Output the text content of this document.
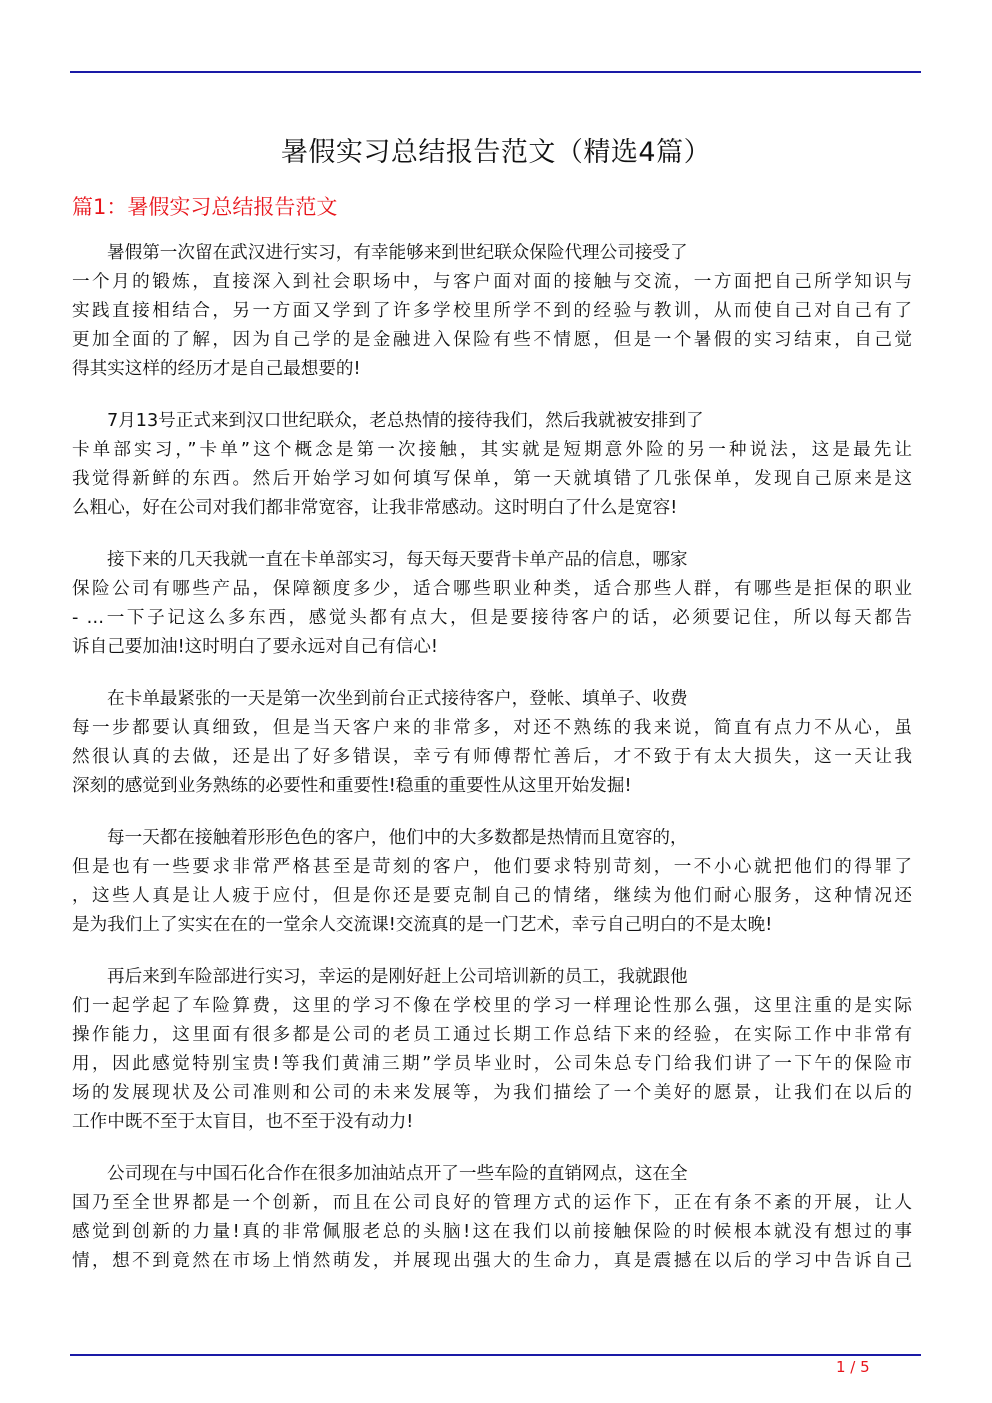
暑假实习总结报告范文（精选4篇）
篇1：暑假实习总结报告范文
暑假第一次留在武汉进行实习，有幸能够来到世纪联众保险代理公司接受了
一个月的锻炼，直接深入到社会职场中，与客户面对面的接触与交流，一方面把自己所学知识与
实践直接相结合，另一方面又学到了许多学校里所学不到的经验与教训，从而使自己对自己有了
更加全面的了解，因为自己学的是金融进入保险有些不情愿，但是一个暑假的实习结束，自己觉
得其实这样的经历才是自己最想要的!
7月13号正式来到汉口世纪联众，老总热情的接待我们，然后我就被安排到了
卡单部实习，”卡单”这个概念是第一次接触，其实就是短期意外险的另一种说法，这是最先让
我觉得新鲜的东西。然后开始学习如何填写保单，第一天就填错了几张保单，发现自己原来是这
么粗心，好在公司对我们都非常宽容，让我非常感动。这时明白了什么是宽容!
接下来的几天我就一直在卡单部实习，每天每天要背卡单产品的信息，哪家
保险公司有哪些产品，保障额度多少，适合哪些职业种类，适合那些人群，有哪些是拒保的职业
- …一下子记这么多东西，感觉头都有点大，但是要接待客户的话，必须要记住，所以每天都告
诉自己要加油!这时明白了要永远对自己有信心!
在卡单最紧张的一天是第一次坐到前台正式接待客户，登帐、填单子、收费
每一步都要认真细致，但是当天客户来的非常多，对还不熟练的我来说，简直有点力不从心，虽
然很认真的去做，还是出了好多错误，幸亏有师傅帮忙善后，才不致于有太大损失，这一天让我
深刻的感觉到业务熟练的必要性和重要性!稳重的重要性从这里开始发掘!
每一天都在接触着形形色色的客户，他们中的大多数都是热情而且宽容的，
但是也有一些要求非常严格甚至是苛刻的客户，他们要求特别苛刻，一不小心就把他们的得罪了
，这些人真是让人疲于应付，但是你还是要克制自己的情绪，继续为他们耐心服务，这种情况还
是为我们上了实实在在的一堂余人交流课!交流真的是一门艺术，幸亏自己明白的不是太晚!
再后来到车险部进行实习，幸运的是刚好赶上公司培训新的员工，我就跟他
们一起学起了车险算费，这里的学习不像在学校里的学习一样理论性那么强，这里注重的是实际
操作能力，这里面有很多都是公司的老员工通过长期工作总结下来的经验，在实际工作中非常有
用，因此感觉特别宝贵!等我们黄浦三期”学员毕业时，公司朱总专门给我们讲了一下午的保险市
场的发展现状及公司准则和公司的未来发展等，为我们描绘了一个美好的愿景，让我们在以后的
工作中既不至于太盲目，也不至于没有动力!
公司现在与中国石化合作在很多加油站点开了一些车险的直销网点，这在全
国乃至全世界都是一个创新，而且在公司良好的管理方式的运作下，正在有条不紊的开展，让人
感觉到创新的力量!真的非常佩服老总的头脑!这在我们以前接触保险的时候根本就没有想过的事
情，想不到竟然在市场上悄然萌发，并展现出强大的生命力，真是震撼在以后的学习中告诉自己
1 / 5
